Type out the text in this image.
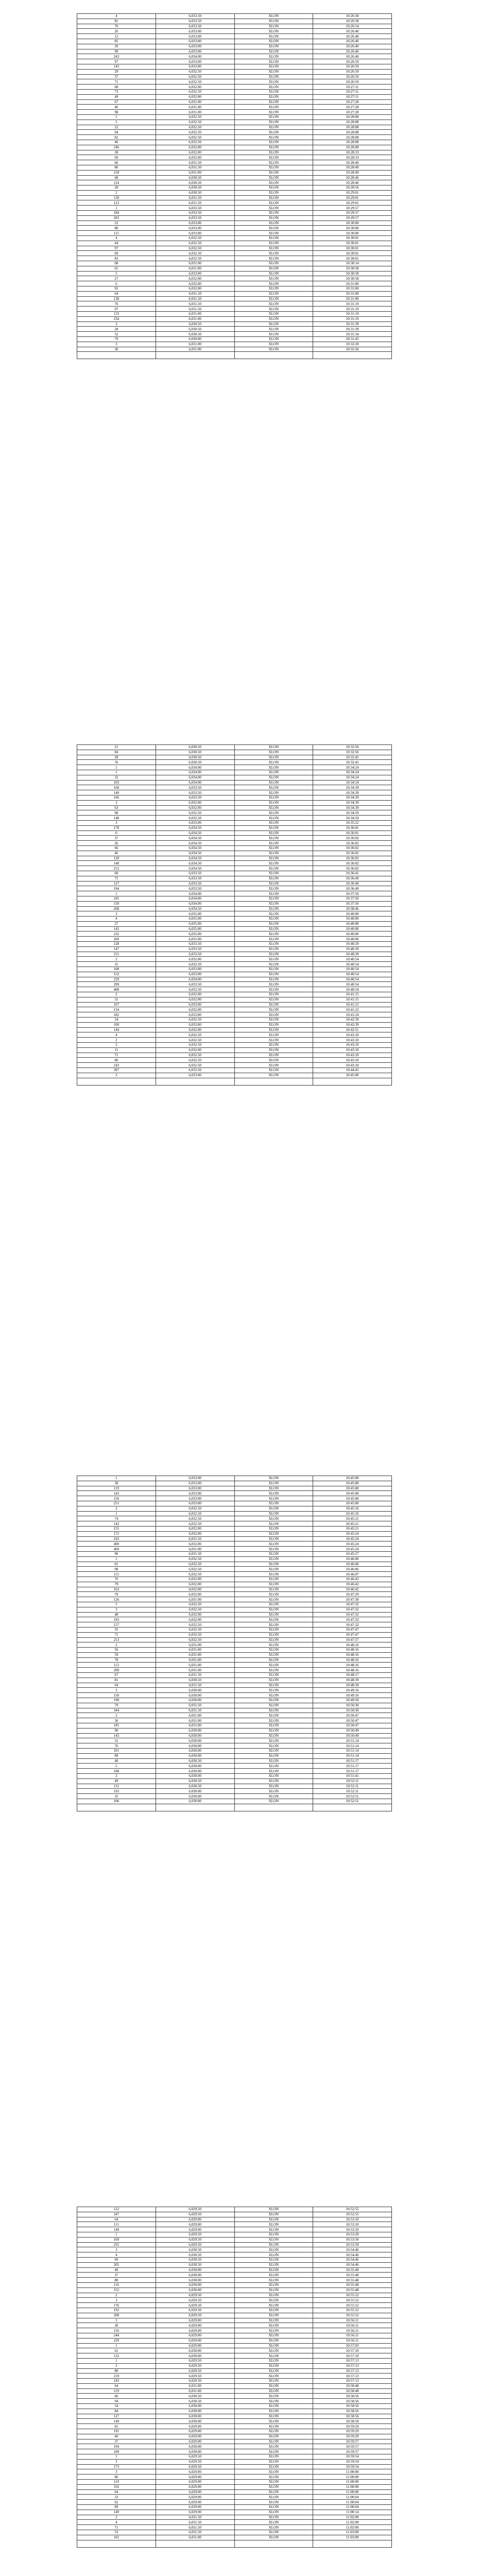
4	6,033.50	XLON	10:26:58
81	6,033.50	XLON	10:26:58
76	6,033.50	XLON	10:26:54
26	6,033.00	XLON	10:26:40
12	6,033.00	XLON	10:26:40
85	6,033.00	XLON	10:26:40
39	6,033.00	XLON	10:26:40
90	6,033.00	XLON	10:26:40
243	6,034.00	XLON	10:26:40
97	6,033.00	XLON	10:26:59
143	6,033.00	XLON	10:26:59
29	6,032.50	XLON	10:26:59
37	6,032.50	XLON	10:26:59
71	6,032.50	XLON	10:26:59
68	6,032.00	XLON	10:27:11
73	6,032.50	XLON	10:27:11
49	6,032.00	XLON	10:27:11
67	6,031.00	XLON	10:27:28
46	6,031.00	XLON	10:27:28
98	6,031.00	XLON	10:27:28
1	6,032.50	XLON	10:28:08
5	6,032.50	XLON	10:28:08
22	6,032.50	XLON	10:28:08
94	6,032.50	XLON	10:28:08
82	6,032.50	XLON	10:28:08
46	6,033.50	XLON	10:28:08
246	6,032.00	XLON	10:28:08
38	6,032.00	XLON	10:28:33
69	6,032.00	XLON	10:28:33
66	6,031.50	XLON	10:28:46
86	6,031.50	XLON	10:28:49
218	6,031.00	XLON	10:28:49
68	6,030.50	XLON	10:28:46
124	6,030.50	XLON	10:28:46
28	6,030.50	XLON	10:28:56
2	6,030.50	XLON	10:29:01
130	6,031.50	XLON	10:29:01
123	6,031.50	XLON	10:29:01
1	6,033.50	XLON	10:29:57
184	6,033.50	XLON	10:29:57
203	6,033.50	XLON	10:29:57
22	6,033.00	XLON	10:30:00
80	6,033.00	XLON	10:30:00
115	6,033.00	XLON	10:30:00
4	6,032.50	XLON	10:30:01
44	6,032.50	XLON	10:30:01
97	6,032.50	XLON	10:30:01
69	6,032.50	XLON	10:30:01
83	6,032.50	XLON	10:30:01
68	6,031.00	XLON	10:30:14
65	6,031.00	XLON	10:30:58
5	6,033.00	XLON	10:30:58
27	6,032.00	XLON	10:30:58
6	6,032.00	XLON	10:31:00
92	6,032.00	XLON	10:31:00
64	6,031.50	XLON	10:31:00
138	6,031.50	XLON	10:31:00
76	6,031.50	XLON	10:31:19
97	6,031.50	XLON	10:31:19
133	6,031.00	XLON	10:31:19
234	6,031.00	XLON	10:31:19
3	6,030.50	XLON	10:31:39
28	6,030.50	XLON	10:31:39
52	6,030.50	XLON	10:31:34
79	6,030.00	XLON	10:31:45
3	6,031.00	XLON	10:32:20
36	6,031.00	XLON	10:32:56

21	6,030.50	XLON	10:32:56
84	6,030.50	XLON	10:32:56
28	6,030.50	XLON	10:32:45
76	6,030.50	XLON	10:32:45
1	6,034.00	XLON	10:34:24
1	6,034.00	XLON	10:34:24
32	6,034.00	XLON	10:34:24
103	6,034.00	XLON	10:34:24
168	6,033.50	XLON	10:34:39
149	6,033.50	XLON	10:34:39
166	6,033.50	XLON	10:34:39
3	6,032.00	XLON	10:34:39
63	6,032.00	XLON	10:34:39
98	6,032.50	XLON	10:34:59
148	6,032.50	XLON	10:34:59
3	6,033.00	XLON	10:35:22
178	6,034.50	XLON	10:36:01
6	6,034.50	XLON	10:36:01
37	6,034.50	XLON	10:36:02
26	6,034.50	XLON	10:36:02
66	6,034.50	XLON	10:36:02
46	6,034.50	XLON	10:36:02
120	6,034.50	XLON	10:36:02
140	6,034.50	XLON	10:36:02
212	6,034.50	XLON	10:36:02
60	6,033.50	XLON	10:36:41
75	6,033.50	XLON	10:36:49
127	6,033.50	XLON	10:36:49
194	6,033.50	XLON	10:36:49
1	6,034.00	XLON	10:37:50
245	6,034.00	XLON	10:37:50
150	6,034.00	XLON	10:37:50
268	6,034.50	XLON	10:38:46
3	6,035.00	XLON	10:40:00
4	6,035.00	XLON	10:40:00
27	6,035.00	XLON	10:40:00
145	6,035.00	XLON	10:40:00
232	6,035.00	XLON	10:40:00
269	6,035.00	XLON	10:40:06
128	6,033.50	XLON	10:40:29
147	6,033.50	XLON	10:40:39
151	6,033.50	XLON	10:40:39
2	6,032.00	XLON	10:40:54
31	6,032.50	XLON	10:40:54
108	6,033.00	XLON	10:40:54
152	6,033.00	XLON	10:40:54
229	6,034.00	XLON	10:40:54
299	6,033.50	XLON	10:40:54
408	6,032.50	XLON	10:40:54
2	6,032.00	XLON	10:41:15
31	6,032.00	XLON	10:41:15
107	6,033.00	XLON	10:41:15
134	6,032.00	XLON	10:41:22
182	6,033.00	XLON	10:41:24
24	6,032.50	XLON	10:42:39
100	6,033.00	XLON	10:42:39
144	6,032.00	XLON	10:42:51
4	6,032.50	XLON	10:43:10
2	6,032.50	XLON	10:43:10
2	6,032.50	XLON	10:43:10
11	6,032.00	XLON	10:43:10
71	6,032.50	XLON	10:43:10
86	6,032.50	XLON	10:43:10
243	6,032.50	XLON	10:43:10
397	6,033.50	XLON	10:44:45
3	6,033.00	XLON	10:45:00

1	6,033.00	XLON	10:45:00
38	6,033.00	XLON	10:45:00
119	6,033.00	XLON	10:45:00
143	6,033.00	XLON	10:45:00
156	6,033.00	XLON	10:45:00
251	6,033.00	XLON	10:45:00
2	6,032.50	XLON	10:45:16
1	6,032.50	XLON	10:45:16
74	6,032.50	XLON	10:45:21
142	6,032.50	XLON	10:45:21
155	6,032.00	XLON	10:45:21
172	6,032.00	XLON	10:45:24
243	6,031.50	XLON	10:45:24
400	6,032.00	XLON	10:45:24
469	6,031.00	XLON	10:45:24
96	6,031.50	XLON	10:45:27
1	6,032.50	XLON	10:46:06
61	6,032.50	XLON	10:46:06
98	6,032.50	XLON	10:46:06
115	6,032.50	XLON	10:46:07
76	6,032.00	XLON	10:46:42
79	6,032.00	XLON	10:46:42
163	6,032.00	XLON	10:46:42
79	6,032.00	XLON	10:47:29
126	6,031.00	XLON	10:47:30
5	6,032.50	XLON	10:47:32
3	6,032.50	XLON	10:47:32
48	6,032.00	XLON	10:47:32
193	6,032.00	XLON	10:47:32
157	6,032.50	XLON	10:47:32
35	6,032.50	XLON	10:47:47
71	6,032.50	XLON	10:47:47
213	6,032.50	XLON	10:47:57
2	6,031.00	XLON	10:48:16
56	6,031.00	XLON	10:48:16
59	6,031.00	XLON	10:48:16
78	6,031.00	XLON	10:48:16
113	6,031.00	XLON	10:48:16
290	6,031.00	XLON	10:48:16
67	6,031.50	XLON	10:48:17
81	6,030.50	XLON	10:48:39
64	6,031.50	XLON	10:48:39
3	6,030.00	XLON	10:49:16
150	6,030.00	XLON	10:49:16
198	6,030.00	XLON	10:49:50
79	6,031.50	XLON	10:50:30
344	6,031.50	XLON	10:50:30
2	6,031.00	XLON	10:50:47
36	6,031.00	XLON	10:50:47
185	6,031.00	XLON	10:50:47
90	6,030.00	XLON	10:50:49
143	6,030.00	XLON	10:50:49
51	6,030.00	XLON	10:51:14
76	6,030.00	XLON	10:51:14
101	6,030.00	XLON	10:51:14
89	6,030.00	XLON	10:51:14
40	6,030.50	XLON	10:51:17
5	6,030.00	XLON	10:51:17
108	6,030.00	XLON	10:51:17
2	6,030.00	XLON	10:51:41
49	6,030.50	XLON	10:52:11
131	6,030.50	XLON	10:52:11
193	6,030.00	XLON	10:52:11
35	6,030.00	XLON	10:52:51
106	6,030.00	XLON	10:52:51

122	6,029.50	XLON	10:52:55
247	6,029.50	XLON	10:52:55
64	6,029.00	XLON	10:53:10
111	6,029.00	XLON	10:53:10
149	6,029.00	XLON	10:53:10
1	6,029.50	XLON	10:53:20
169	6,029.50	XLON	10:53:50
235	6,029.50	XLON	10:53:50
3	6,030.50	XLON	10:54:46
4	6,030.50	XLON	10:54:46
69	6,030.50	XLON	10:54:46
205	6,030.50	XLON	10:54:46
49	6,030.00	XLON	10:55:40
37	6,030.00	XLON	10:55:48
80	6,030.00	XLON	10:55:48
116	6,030.00	XLON	10:55:48
152	6,030.00	XLON	10:55:48
2	6,029.50	XLON	10:55:52
3	6,029.50	XLON	10:55:52
176	6,029.50	XLON	10:55:52
192	6,029.50	XLON	10:55:52
208	6,029.50	XLON	10:55:52
3	6,029.00	XLON	10:56:11
28	6,029.00	XLON	10:56:11
156	6,029.00	XLON	10:56:11
244	6,029.00	XLON	10:56:11
229	6,029.00	XLON	10:56:11
1	6,029.00	XLON	10:57:03
61	6,030.00	XLON	10:57:10
132	6,030.00	XLON	10:57:10
1	6,029.50	XLON	10:57:13
2	6,029.50	XLON	10:57:13
80	6,029.50	XLON	10:57:13
219	6,029.50	XLON	10:57:13
243	6,029.50	XLON	10:57:13
64	6,031.00	XLON	10:58:48
119	6,031.00	XLON	10:58:48
66	6,030.50	XLON	10:58:56
94	6,030.50	XLON	10:58:56
54	6,030.00	XLON	10:58:56
84	6,030.00	XLON	10:58:56
127	6,030.00	XLON	10:58:56
149	6,030.00	XLON	10:58:59
65	6,029.00	XLON	10:59:29
191	6,029.00	XLON	10:59:29
46	6,029.00	XLON	10:59:29
37	6,029.00	XLON	10:59:57
194	6,030.00	XLON	10:59:57
109	6,030.00	XLON	10:59:57
1	6,029.50	XLON	10:59:54
3	6,029.50	XLON	10:59:54
173	6,029.50	XLON	10:59:54
3	6,029.00	XLON	11:00:00
86	6,029.00	XLON	11:00:00
119	6,029.00	XLON	11:00:00
316	6,029.00	XLON	11:00:00
64	6,029.00	XLON	11:00:00
33	6,029.00	XLON	11:00:04
62	6,029.00	XLON	11:00:04
89	6,029.00	XLON	11:00:04
149	6,029.00	XLON	11:00:14
2	6,031.50	XLON	11:02:00
4	6,031.50	XLON	11:02:00
71	6,031.50	XLON	11:02:00
53	6,031.50	XLON	11:03:00
102	6,031.00	XLON	11:03:00
